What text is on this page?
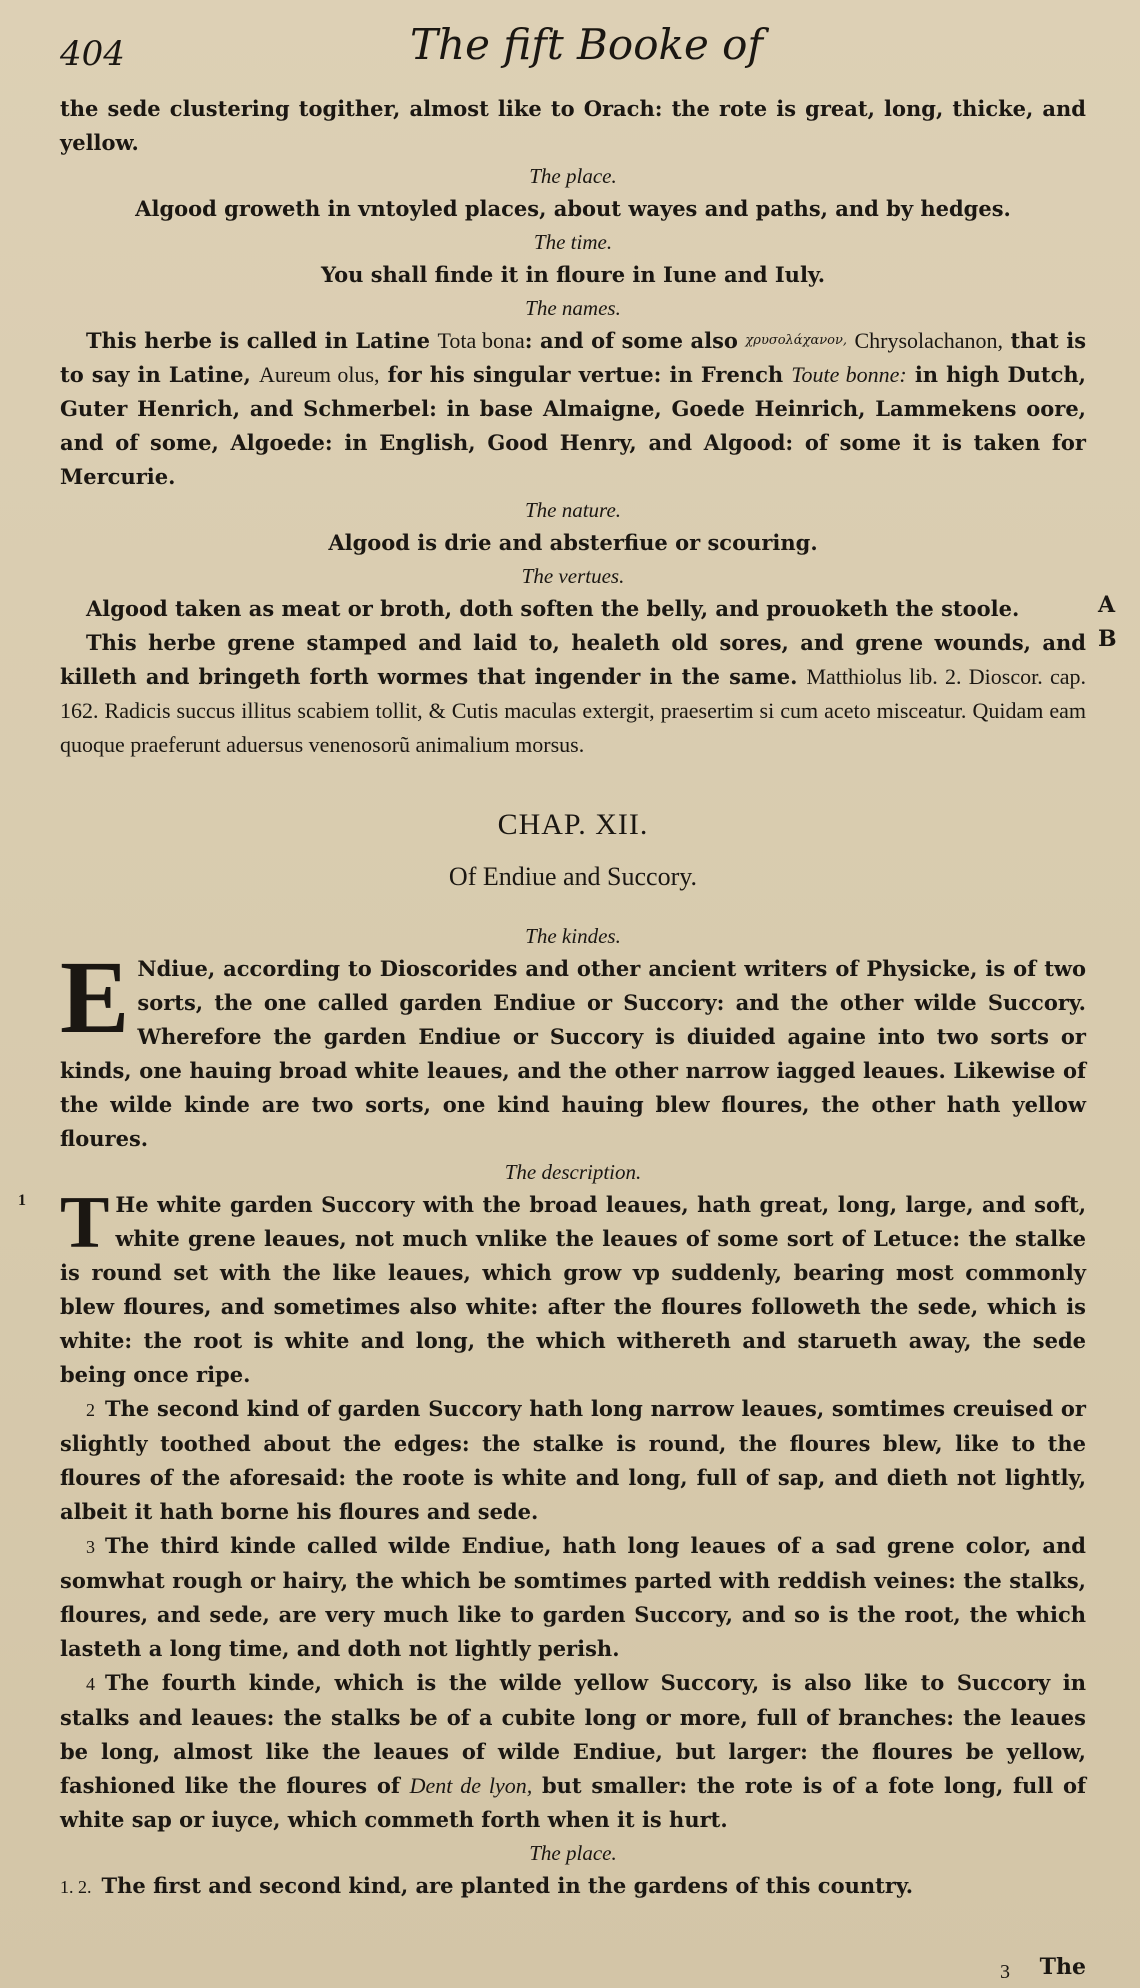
404	The fift Booke of

the sede clustering togither, almost like to Orach: the rote is great, long, thicke, and yellow.

The place.

Algood groweth in vntoyled places, about wayes and paths, and by hedges.

The time.

You shall finde it in floure in Iune and Iuly.

The names.

This herbe is called in Latine Tota bona: and of some also χρυσολάχανον, Chrysolachanon, that is to say in Latine, Aureum olus, for his singular vertue: in French Toute bonne: in high Dutch, Guter Henrich, and Schmerbel: in base Almaigne, Goede Heinrich, Lammekens oore, and of some, Algoede: in English, Good Henry, and Algood: of some it is taken for Mercurie.

The nature.

Algood is drie and absterfiue or scouring.

The vertues.

Algood taken as meat or broth, doth soften the belly, and prouoketh the stoole.

This herbe grene stamped and laid to, healeth old sores, and grene wounds, and killeth and bringeth forth wormes that ingender in the same. Matthiolus lib. 2. Dioscor. cap. 162. Radicis succus illitus scabiem tollit, & Cutis maculas extergit, praesertim si cum aceto misceatur. Quidam eam quoque praeferunt aduersus venenosorũ animalium morsus.

A
B
CHAP. XII.
Of Endiue and Succory.

The kindes.

E Ndiue, according to Dioscorides and other ancient writers of Physicke, is of two sorts, the one called garden Endiue or Succory: and the other wilde Succory. Wherefore the garden Endiue or Succory is diuided againe into two sorts or kinds, one hauing broad white leaues, and the other narrow iagged leaues. Likewise of the wilde kinde are two sorts, one kind hauing blew floures, the other hath yellow floures.

The description.

1 T He white garden Succory with the broad leaues, hath great, long, large, and soft, white grene leaues, not much vnlike the leaues of some sort of Letuce: the stalke is round set with the like leaues, which grow vp suddenly, bearing most commonly blew floures, and sometimes also white: after the floures followeth the sede, which is white: the root is white and long, the which withereth and starueth away, the sede being once ripe.

2 The second kind of garden Succory hath long narrow leaues, somtimes creuised or slightly toothed about the edges: the stalke is round, the floures blew, like to the floures of the aforesaid: the roote is white and long, full of sap, and dieth not lightly, albeit it hath borne his floures and sede.

3 The third kinde called wilde Endiue, hath long leaues of a sad grene color, and somwhat rough or hairy, the which be somtimes parted with reddish veines: the stalks, floures, and sede, are very much like to garden Succory, and so is the root, the which lasteth a long time, and doth not lightly perish.

4 The fourth kinde, which is the wilde yellow Succory, is also like to Succory in stalks and leaues: the stalks be of a cubite long or more, full of branches: the leaues be long, almost like the leaues of wilde Endiue, but larger: the floures be yellow, fashioned like the floures of Dent de lyon, but smaller: the rote is of a fote long, full of white sap or iuyce, which commeth forth when it is hurt.

The place.

1. 2. The first and second kind, are planted in the gardens of this country.

3 The
